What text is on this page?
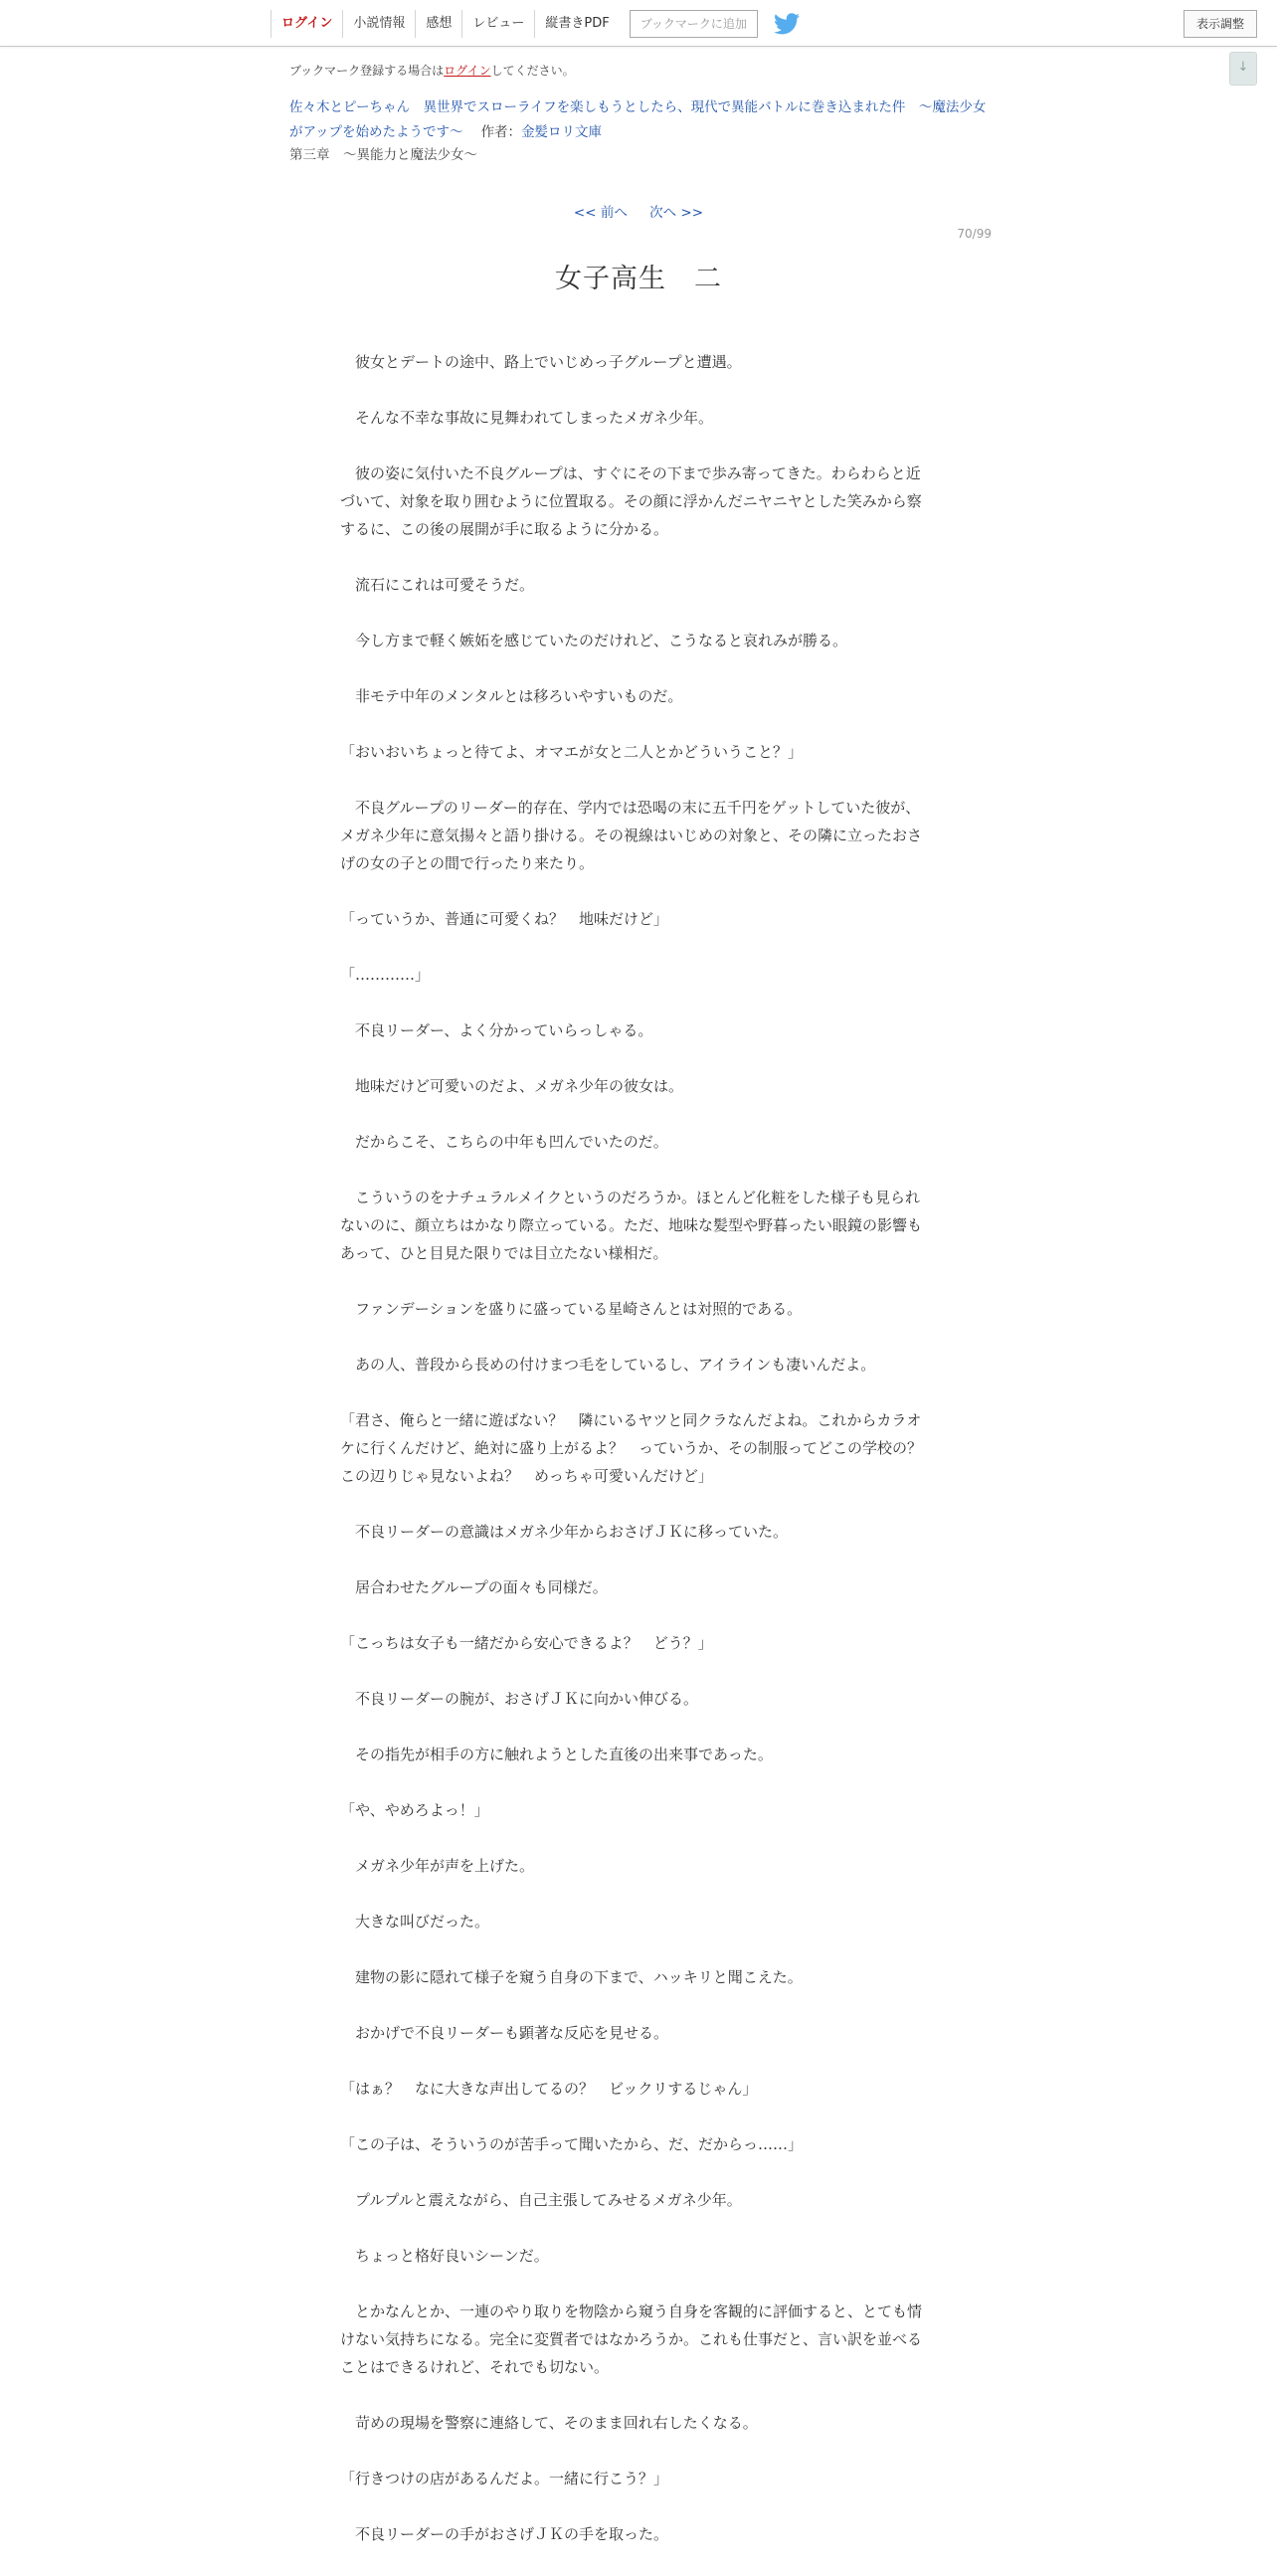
ログイン	小説情報	感想	レビュー	縦書きPDF	ブックマークに追加	表示調整
↓
ブックマーク登録する場合はログインしてください。
佐々木とピーちゃん　異世界でスローライフを楽しもうとしたら、現代で異能バトルに巻き込まれた件　～魔法少女がアップを始めたようです～ 作者：金髪ロリ文庫
第三章　～異能力と魔法少女～
<< 前へ 次へ >>
70/99
女子高生　二

　彼女とデートの途中、路上でいじめっ子グループと遭遇。

　そんな不幸な事故に見舞われてしまったメガネ少年。

　彼の姿に気付いた不良グループは、すぐにその下まで歩み寄ってきた。わらわらと近づいて、対象を取り囲むように位置取る。その顔に浮かんだニヤニヤとした笑みから察するに、この後の展開が手に取るように分かる。

　流石にこれは可愛そうだ。

　今し方まで軽く嫉妬を感じていたのだけれど、こうなると哀れみが勝る。

　非モテ中年のメンタルとは移ろいやすいものだ。

「おいおいちょっと待てよ、オマエが女と二人とかどういうこと？」

　不良グループのリーダー的存在、学内では恐喝の末に五千円をゲットしていた彼が、メガネ少年に意気揚々と語り掛ける。その視線はいじめの対象と、その隣に立ったおさげの女の子との間で行ったり来たり。

「っていうか、普通に可愛くね？　地味だけど」

「…………」

　不良リーダー、よく分かっていらっしゃる。

　地味だけど可愛いのだよ、メガネ少年の彼女は。

　だからこそ、こちらの中年も凹んでいたのだ。

　こういうのをナチュラルメイクというのだろうか。ほとんど化粧をした様子も見られないのに、顔立ちはかなり際立っている。ただ、地味な髪型や野暮ったい眼鏡の影響もあって、ひと目見た限りでは目立たない様相だ。

　ファンデーションを盛りに盛っている星崎さんとは対照的である。

　あの人、普段から長めの付けまつ毛をしているし、アイラインも凄いんだよ。

「君さ、俺らと一緒に遊ばない？　隣にいるヤツと同クラなんだよね。これからカラオケに行くんだけど、絶対に盛り上がるよ？　っていうか、その制服ってどこの学校の？　この辺りじゃ見ないよね？　めっちゃ可愛いんだけど」

　不良リーダーの意識はメガネ少年からおさげＪＫに移っていた。

　居合わせたグループの面々も同様だ。

「こっちは女子も一緒だから安心できるよ？　どう？」

　不良リーダーの腕が、おさげＪＫに向かい伸びる。

　その指先が相手の方に触れようとした直後の出来事であった。

「や、やめろよっ！」

　メガネ少年が声を上げた。

　大きな叫びだった。

　建物の影に隠れて様子を窺う自身の下まで、ハッキリと聞こえた。

　おかげで不良リーダーも顕著な反応を見せる。

「はぁ？　なに大きな声出してるの？　ビックリするじゃん」

「この子は、そういうのが苦手って聞いたから、だ、だからっ……」

　プルプルと震えながら、自己主張してみせるメガネ少年。

　ちょっと格好良いシーンだ。

　とかなんとか、一連のやり取りを物陰から窺う自身を客観的に評価すると、とても情けない気持ちになる。完全に変質者ではなかろうか。これも仕事だと、言い訳を並べることはできるけれど、それでも切ない。

　苛めの現場を警察に連絡して、そのまま回れ右したくなる。

「行きつけの店があるんだよ。一緒に行こう？」

　不良リーダーの手がおさげＪＫの手を取った。
